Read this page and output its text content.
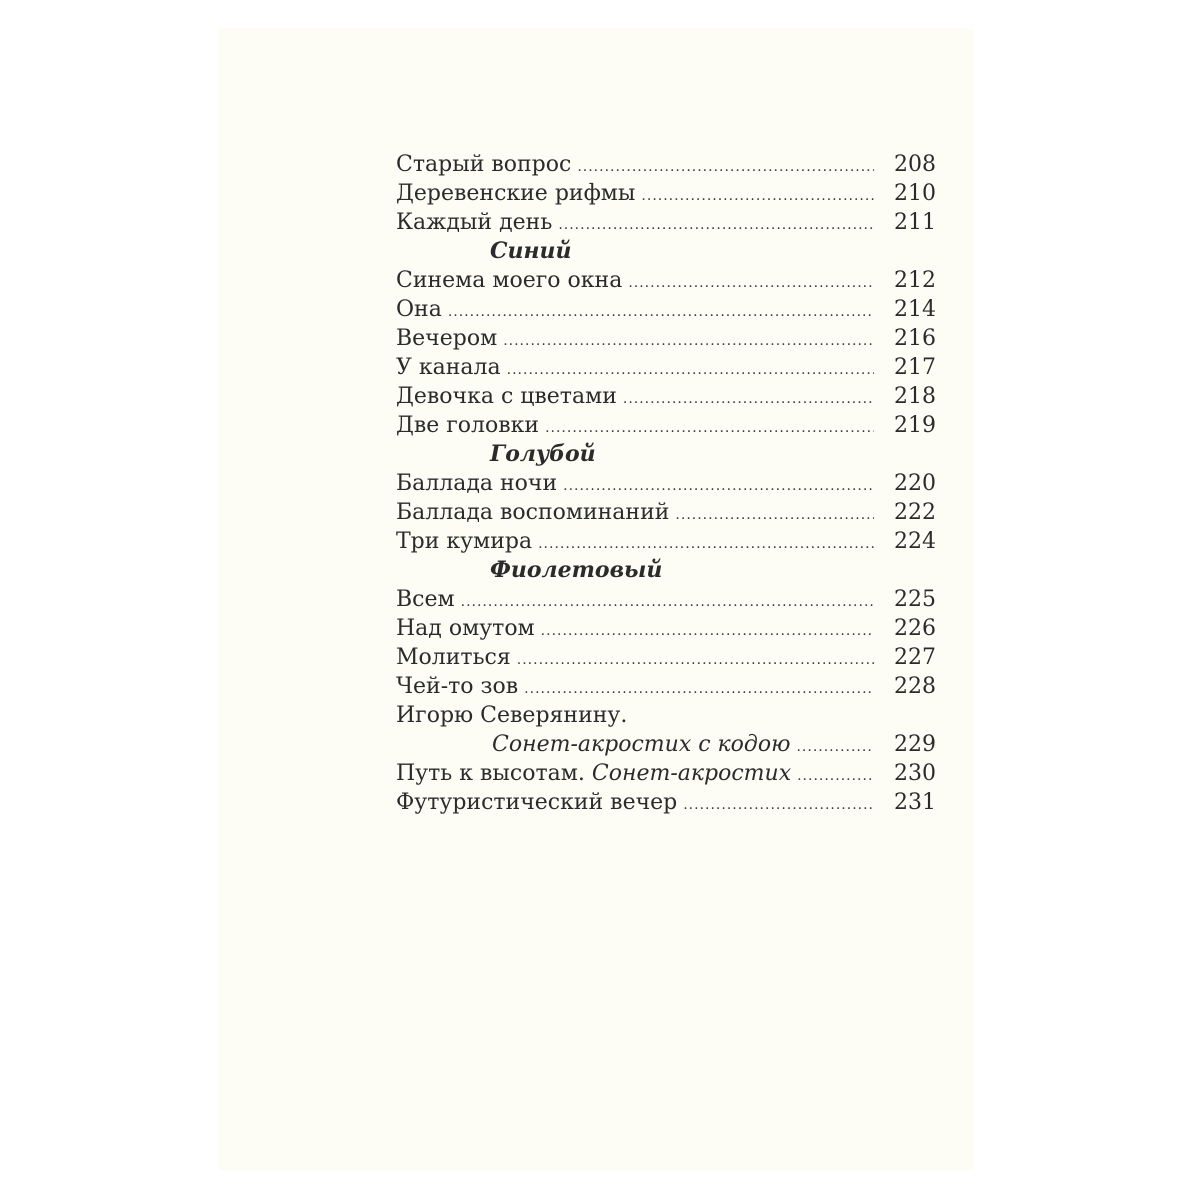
Старый вопрос .....	208
Деревенские рифмы .....	210
Каждый день .....	211
Синий
Синема моего окна .....	212
Она .....	214
Вечером .....	216
У канала .....	217
Девочка с цветами .....	218
Две головки .....	219
Голубой
Баллада ночи .....	220
Баллада воспоминаний .....	222
Три кумира .....	224
Фиолетовый
Всем .....	225
Над омутом .....	226
Молиться .....	227
Чей-то зов .....	228
Игорю Северянину.
Сонет-акростих с кодою .....	229
Путь к высотам. Сонет-акростих .....	230
Футуристический вечер .....	231
